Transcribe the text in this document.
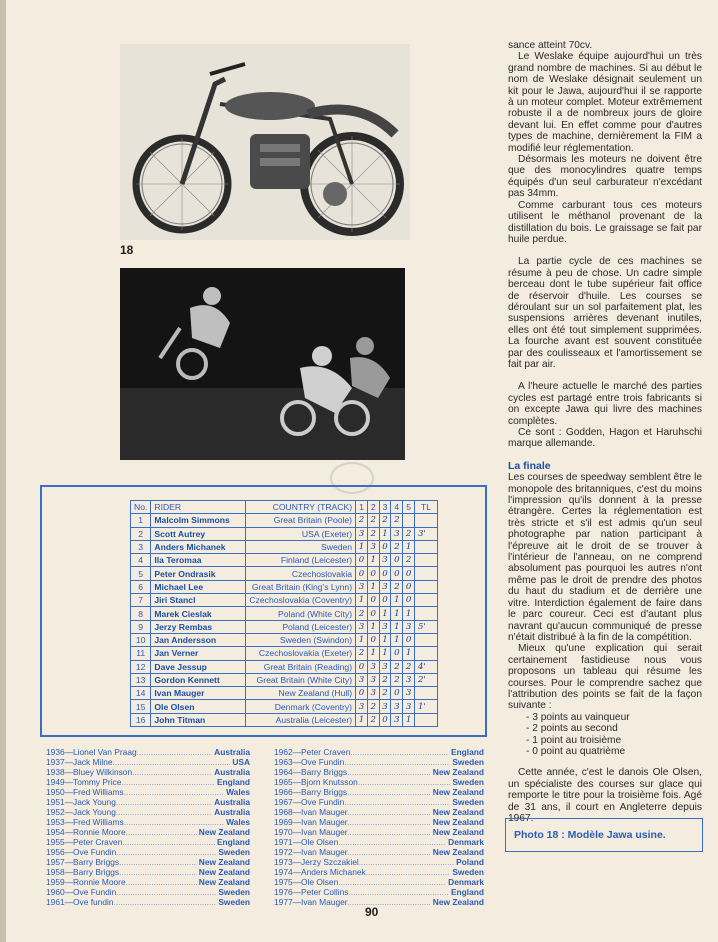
18
No.	RIDER	COUNTRY (TRACK)	1	2	3	4	5	TL
1	Malcolm Simmons	Great Britain (Poole)	2	2	2	2		
2	Scott Autrey	USA (Exeter)	3	2	1	3	2	3'
3	Anders Michanek	Sweden	1	3	0	2	1	
4	Ila Teromaa	Finland (Leicester)	0	1	3	0	2	
5	Peter Ondrasik	Czechoslovakia	0	0	0	0	0	
6	Michael Lee	Great Britain (King's Lynn)	3	1	3	2	0	
7	Jiri Stancl	Czechoslovakia (Coventry)	1	0	0	1	0	
8	Marek Cieslak	Poland (White City)	2	0	1	1	1	
9	Jerzy Rembas	Poland (Leicester)	3	1	3	1	3	5'
10	Jan Andersson	Sweden (Swindon)	1	0	1	1	0	
11	Jan Verner	Czechoslovakia (Exeter)	2	1	1	0	1	
12	Dave Jessup	Great Britain (Reading)	0	3	3	2	2	4'
13	Gordon Kennett	Great Britain (White City)	3	3	2	2	3	2'
14	Ivan Mauger	New Zealand (Hull)	0	3	2	0	3	
15	Ole Olsen	Denmark (Coventry)	3	2	3	3	3	1'
16	John Titman	Australia (Leicester)	1	2	0	3	1	
1936—Lionel Van Praag .....	Australia
1937—Jack Milne .....	USA
1938—Bluey Wilkinson .....	Australia
1949—Tommy Price .....	England
1950—Fred Williams .....	Wales
1951—Jack Young .....	Australia
1952—Jack Young .....	Australia
1953—Fred Williams .....	Wales
1954—Ronnie Moore .....	New Zealand
1955—Peter Craven .....	England
1956—Ove Fundin .....	Sweden
1957—Barry Briggs .....	New Zealand
1958—Barry Briggs .....	New Zealand
1959—Ronnie Moore .....	New Zealand
1960—Ove Fundin .....	Sweden
1961—Ove fundin .....	Sweden
1962—Peter Craven .....	England
1963—Ove Fundin .....	Sweden
1964—Barry Briggs .....	New Zealand
1965—Bjorn Knutsson .....	Sweden
1966—Barry Briggs .....	New Zealand
1967—Ove Fundin .....	Sweden
1968—Ivan Mauger .....	New Zealand
1969—Ivan Mauger .....	New Zealand
1970—Ivan Mauger .....	New Zealand
1971—Ole Olsen .....	Denmark
1972—Ivan Mauger .....	New Zealand
1973—Jerzy Szczakiel .....	Poland
1974—Anders Michanek .....	Sweden
1975—Ole Olsen .....	Denmark
1976—Peter Collins .....	England
1977—Ivan Mauger .....	New Zealand

sance atteint 70cv.

Le Weslake équipe aujourd'hui un très grand nombre de machines. Si au début le nom de Weslake désignait seulement un kit pour le Jawa, aujourd'hui il se rapporte à un moteur complet. Moteur extrêmement robuste il a de nombreux jours de gloire devant lui. En effet comme pour d'autres types de machine, dernièrement la FIM a modifié leur réglementation.

Désormais les moteurs ne doivent être que des monocylindres quatre temps équipés d'un seul carburateur n'excédant pas 34mm.

Comme carburant tous ces moteurs utilisent le méthanol provenant de la distillation du bois. Le graissage se fait par huile perdue.

La partie cycle de ces machines se résume à peu de chose. Un cadre simple berceau dont le tube supérieur fait office de réservoir d'huile. Les courses se déroulant sur un sol parfaitement plat, les suspensions arrières devenant inutiles, elles ont été tout simplement supprimées. La fourche avant est souvent constituée par des coulisseaux et l'amortissement se fait par air.

A l'heure actuelle le marché des parties cycles est partagé entre trois fabricants si on excepte Jawa qui livre des machines complètes.

Ce sont : Godden, Hagon et Haruhschi marque allemande.

La finale

Les courses de speedway semblent être le monopole des britanniques, c'est du moins l'impression qu'ils donnent à la presse étrangère. Certes la réglementation est très stricte et s'il est admis qu'un seul photographe par nation participant à l'épreuve ait le droit de se trouver à l'intérieur de l'anneau, on ne comprend absolument pas pourquoi les autres n'ont même pas le droit de prendre des photos du haut du stadium et de derrière une vitre. Interdiction également de faire dans le parc coureur. Ceci est d'autant plus navrant qu'aucun communiqué de presse n'était distribué à la fin de la compétition.

Mieux qu'une explication qui serait certainement fastidieuse nous vous proposons un tableau qui résume les courses. Pour le comprendre sachez que l'attribution des points se fait de la façon suivante :

- 3 points au vainqueur
- 2 points au second
- 1 point au troisième
- 0 point au quatrième

Cette année, c'est le danois Ole Olsen, un spécialiste des courses sur glace qui remporte le titre pour la troisième fois. Agé de 31 ans, il court en Angleterre depuis 1967.

Photo 18 : Modèle Jawa usine.
90
